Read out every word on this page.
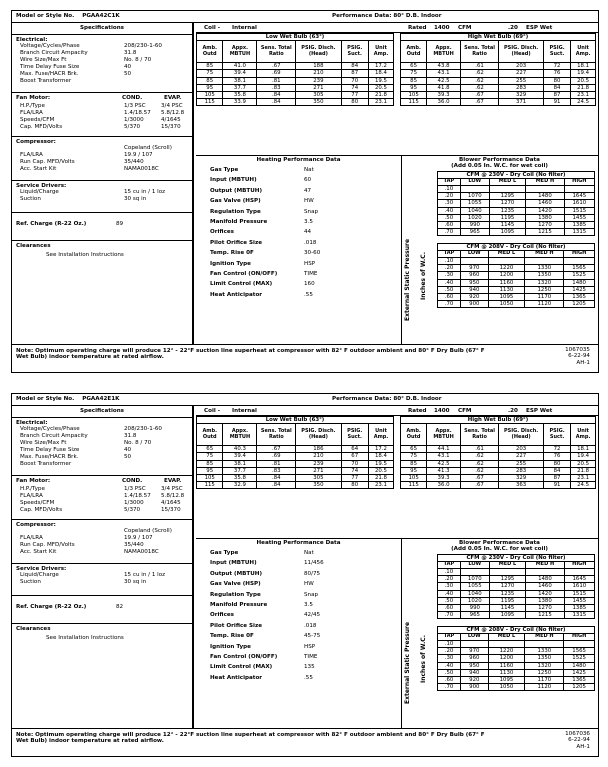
Model or Style No. PGAA42C1K	Performance Data: 80° D.B. Indoor
Specifications
Electrical:
Voltage/Cycles/Phase	208/230-1-60
Branch Circuit Ampacity	31.8
Wire Size/Max Ft	No. 8 / 70
Time Delay Fuse Size	40
Max. Fuse/HACR Brk.	50
Boost Transformer
Fan Motor:	COND.	EVAP.
H.P./Type	1/3 PSC	3/4 PSC
FLA/LRA	1.4/18.57 5.8/12.8
Speeds/CFM	1/3000	4/1645
Cap. MFD/Volts	5/370	15/370
Compressor:
Copeland (Scroll)
FLA/LRA	19.9 / 107
Run Cap. MFD/Volts	35/440
Acc. Start Kit	NAMA0018C
Service Drivers:
Liquid/Charge	15 cu in / 1 loz
Suction	30 sq in
Ref. Charge (R-22 Oz.)	89
Clearances
See Installation Instructions
Coil - Internal	Rated 1400 CFM	.20 ESP Wet
Low Wet Bulb (63°)					
Amb. Outd	Appx. MBTUH	Sens. Total Ratio	PSIG. Disch. (Head)	PSIG. Suct.	Unit Amp.
85	41.0	.67	188	84	17.2
75	39.4	.69	210	87	18.4
85	38.1	.81	239	70	19.5
95	37.7	.83	271	74	20.5
105	35.8	.84	305	77	21.8
115	33.9	.84	350	80	23.1
High Wet Bulb (69°)					
Amb. Outd	Appx. MBTUH	Sens. Total Ratio	PSIG. Disch. (Head)	PSIG. Suct.	Unit Amp.
65	43.8	.61	203	72	18.1
75	43.1	.62	227	76	19.4
85	42.5	.62	255	80	20.5
95	41.8	.62	283	84	21.8
105	39.3	.67	329	87	23.1
115	36.0	.67	371	91	24.5
Heating Performance Data
Gas Type	Nat
Input (MBTUH)	60
Output (MBTUH)	47
Gas Valve (HSP)	HW
Regulation Type	Snap
Manifold Pressure	3.5
Orifices	44
Pilot Orifice Size	.018
Temp. Rise 0F	30-60
Ignition Type	HSP
Fan Control (ON/OFF)	TIME
Limit Control (MAX)	160
Heat Anticipator	.55
Blower Performance Data
(Add 0.05 In. W.C. for wet coil)
External Static Pressure Inches of W.C.
CFM @ 230V - Dry Coil (No filter)				
TAP	LOW	MED L	MED H	HIGH
.10				
.20	1070	1295	1480	1645
.30	1055	1270	1460	1610
.40	1040	1235	1420	1515
.50	1020	1195	1380	1455
.60	990	1145	1270	1385
.70	965	1095	1215	1315
CFM @ 208V - Dry Coil (No filter)				
TAP	LOW	MED L	MED H	HIGH
.10				
.20	970	1220	1330	1565
.30	960	1200	1350	1525
.40	950	1160	1320	1480
.50	940	1130	1250	1425
.60	920	1095	1170	1365
.70	900	1050	1120	1205
Note: Optimum operating charge will produce 12° - 22°F suction line superheat at compressor with 82° F outdoor ambient and 80° F Dry Bulb (67° F Wet Bulb) indoor temperature at rated airflow.
1067035
6-22-94
AH-1
Model or Style No. PGAA42E1K	Performance Data: 80° D.B. Indoor
Specifications
Electrical:
Voltage/Cycles/Phase	208/230-1-60
Branch Circuit Ampacity	31.8
Wire Size/Max Ft	No. 8 / 70
Time Delay Fuse Size	40
Max. Fuse/HACR Brk.	50
Boost Transformer
Fan Motor:	COND.	EVAP.
H.P./Type	1/3 PSC	3/4 PSC
FLA/LRA	1.4/18.57 5.8/12.8
Speeds/CFM	1/3000	4/1645
Cap. MFD/Volts	5/370	15/370
Compressor:
Copeland (Scroll)
FLA/LRA	19.9 / 107
Run Cap. MFD/Volts	35/440
Acc. Start Kit	NAMA0018C
Service Drivers:
Liquid/Charge	15 cu in / 1 loz
Suction	30 sq in
Ref. Charge (R-22 Oz.)	82
Clearances
See Installation Instructions
Coil - Internal	Rated 1400 CFM	.20 ESP Wet
Low Wet Bulb (63°)					
Amb. Outd	Appx. MBTUH	Sens. Total Ratio	PSIG. Disch. (Head)	PSIG. Suct.	Unit Amp.
65	40.3	.67	186	64	17.2
75	39.4	.69	210	67	18.4
85	38.1	.81	239	70	19.5
95	37.7	.83	271	74	20.5
105	35.8	.84	305	77	21.8
115	32.9	.84	350	80	23.1
High Wet Bulb (69°)					
Amb. Outd	Appx. MBTUH	Sens. Total Ratio	PSIG. Disch. (Head)	PSIG. Suct.	Unit Amp.
65	44.1	.61	203	72	18.1
75	43.1	.62	227	76	19.4
85	42.5	.62	255	80	20.5
95	41.3	.62	283	84	21.8
105	39.3	.67	329	87	23.1
115	36.0	.67	363	91	24.5
Heating Performance Data
Gas Type	Nat
Input (MBTUH)	11/456
Output (MBTUH)	80/75
Gas Valve (HSP)	HW
Regulation Type	Snap
Manifold Pressure	3.5
Orifices	42/45
Pilot Orifice Size	.018
Temp. Rise 0F	45-75
Ignition Type	HSP
Fan Control (ON/OFF)	TIME
Limit Control (MAX)	135
Heat Anticipator	.55
Blower Performance Data
(Add 0.05 In. W.C. for wet coil)
External Static Pressure Inches of W.C.
CFM @ 230V - Dry Coil (No filter)				
TAP	LOW	MED L	MED H	HIGH
.10				
.20	1070	1295	1480	1645
.30	1055	1270	1460	1610
.40	1040	1235	1420	1515
.50	1020	1195	1380	1455
.60	990	1145	1270	1385
.70	965	1095	1215	1315
CFM @ 208V - Dry Coil (No filter)				
TAP	LOW	MED L	MED H	HIGH
.10				
.20	970	1220	1330	1565
.30	960	1200	1350	1525
.40	950	1160	1320	1480
.50	940	1130	1250	1425
.60	920	1095	1170	1365
.70	900	1050	1120	1205
Note: Optimum operating charge will produce 12° - 22°F suction line superheat at compressor with 82° F outdoor ambient and 80° F Dry Bulb (67° F Wet Bulb) indoor temperature at rated airflow.
1067036
6-22-94
AH-1
